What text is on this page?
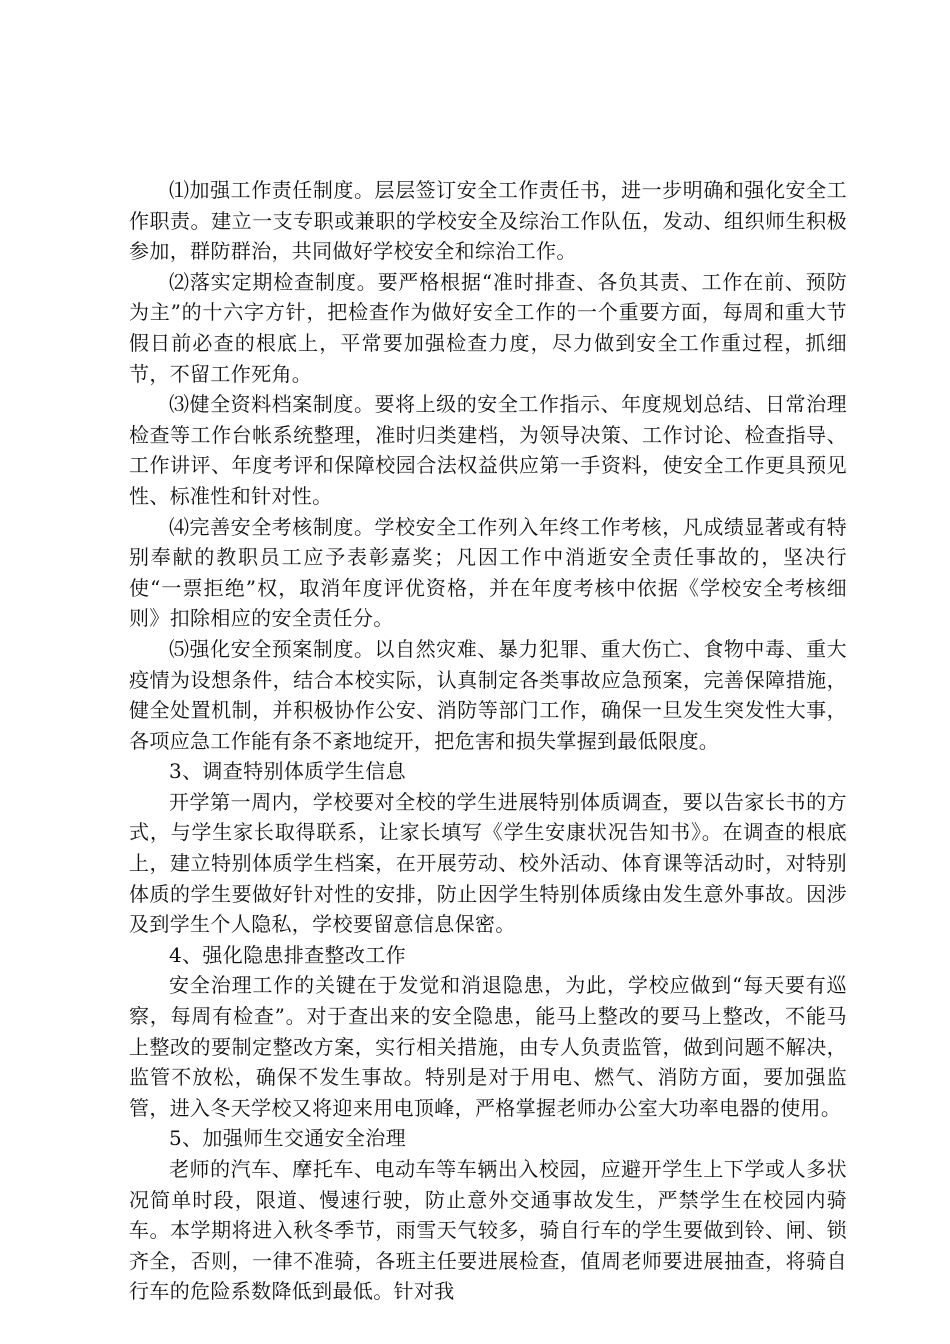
⑴加强工作责任制度。层层签订安全工作责任书，进一步明确和强化安全工作职责。建立一支专职或兼职的学校安全及综治工作队伍，发动、组织师生积极参加，群防群治，共同做好学校安全和综治工作。

⑵落实定期检查制度。要严格根据“准时排查、各负其责、工作在前、预防为主”的十六字方针，把检查作为做好安全工作的一个重要方面，每周和重大节假日前必查的根底上，平常要加强检查力度，尽力做到安全工作重过程，抓细节，不留工作死角。

⑶健全资料档案制度。要将上级的安全工作指示、年度规划总结、日常治理检查等工作台帐系统整理，准时归类建档，为领导决策、工作讨论、检查指导、工作讲评、年度考评和保障校园合法权益供应第一手资料，使安全工作更具预见性、标准性和针对性。

⑷完善安全考核制度。学校安全工作列入年终工作考核，凡成绩显著或有特别奉献的教职员工应予表彰嘉奖；凡因工作中消逝安全责任事故的，坚决行使“一票拒绝”权，取消年度评优资格，并在年度考核中依据《学校安全考核细则》扣除相应的安全责任分。

⑸强化安全预案制度。以自然灾难、暴力犯罪、重大伤亡、食物中毒、重大疫情为设想条件，结合本校实际，认真制定各类事故应急预案，完善保障措施，健全处置机制，并积极协作公安、消防等部门工作，确保一旦发生突发性大事，各项应急工作能有条不紊地绽开，把危害和损失掌握到最低限度。

3、调查特别体质学生信息

开学第一周内，学校要对全校的学生进展特别体质调查，要以告家长书的方式，与学生家长取得联系，让家长填写《学生安康状况告知书》。在调查的根底上，建立特别体质学生档案，在开展劳动、校外活动、体育课等活动时，对特别体质的学生要做好针对性的安排，防止因学生特别体质缘由发生意外事故。因涉及到学生个人隐私，学校要留意信息保密。

4、强化隐患排查整改工作

安全治理工作的关键在于发觉和消退隐患，为此，学校应做到“每天要有巡察，每周有检查”。对于查出来的安全隐患，能马上整改的要马上整改，不能马上整改的要制定整改方案，实行相关措施，由专人负责监管，做到问题不解决，监管不放松，确保不发生事故。特别是对于用电、燃气、消防方面，要加强监管，进入冬天学校又将迎来用电顶峰，严格掌握老师办公室大功率电器的使用。

5、加强师生交通安全治理

老师的汽车、摩托车、电动车等车辆出入校园，应避开学生上下学或人多状况简单时段，限道、慢速行驶，防止意外交通事故发生，严禁学生在校园内骑车。本学期将进入秋冬季节，雨雪天气较多，骑自行车的学生要做到铃、闸、锁齐全，否则，一律不准骑，各班主任要进展检查，值周老师要进展抽查，将骑自行车的危险系数降低到最低。针对我
